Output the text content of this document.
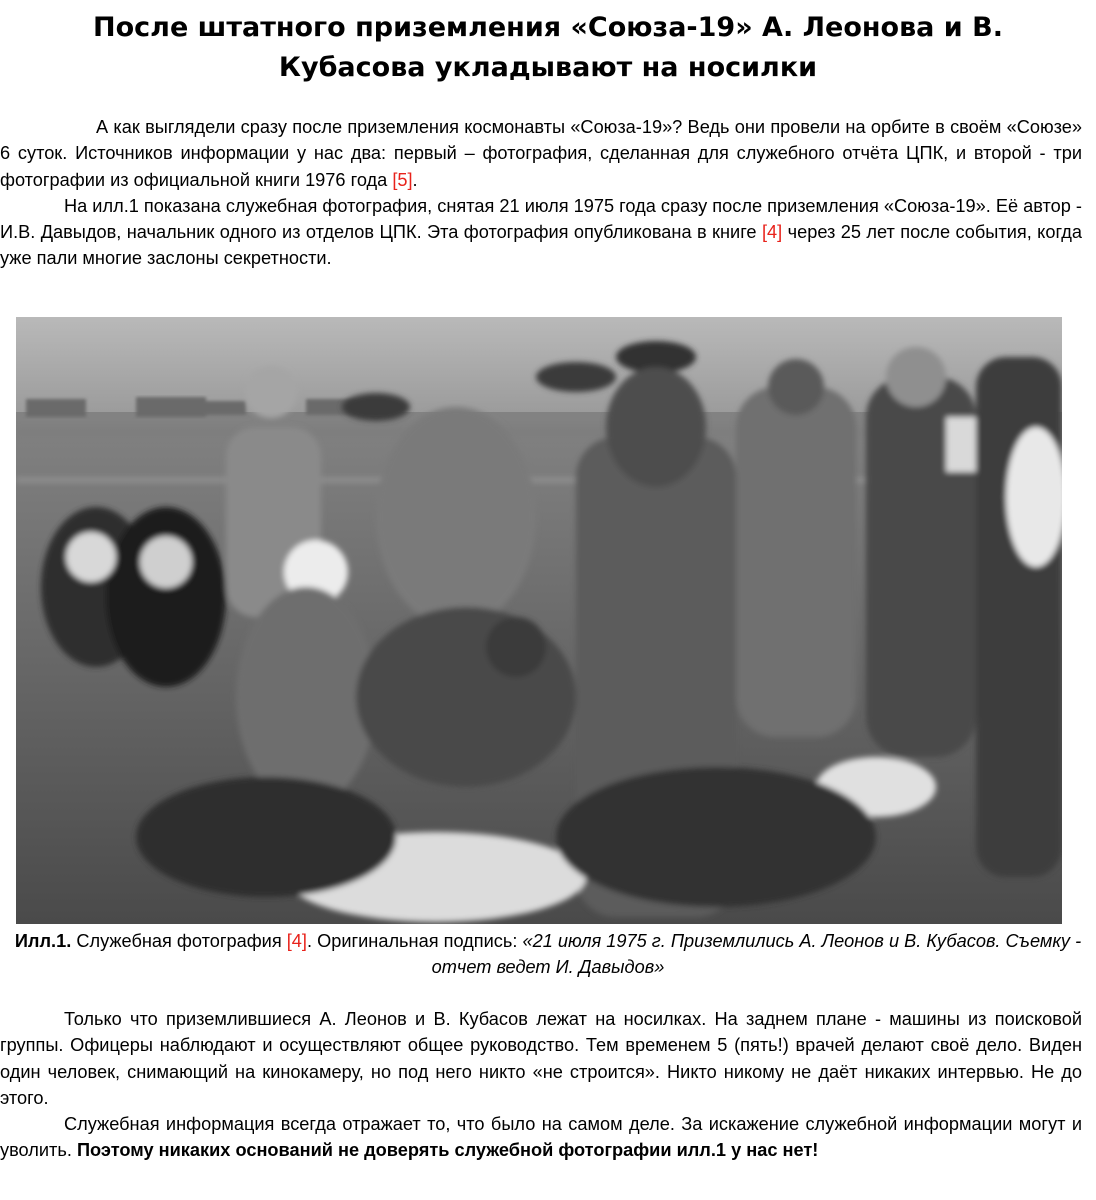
После штатного приземления «Союза-19» А. Леонова и В. Кубасова укладывают на носилки

А как выглядели сразу после приземления космонавты «Союза-19»? Ведь они провели на орбите в своём «Союзе» 6 суток. Источников информации у нас два: первый – фотография, сделанная для служебного отчёта ЦПК, и второй - три фотографии из официальной книги 1976 года [5].

На илл.1 показана служебная фотография, снятая 21 июля 1975 года сразу после приземления «Союза-19». Её автор - И.В. Давыдов, начальник одного из отделов ЦПК. Эта фотография опубликована в книге [4] через 25 лет после события, когда уже пали многие заслоны секретности.

Илл.1. Служебная фотография [4]. Оригинальная подпись: «21 июля 1975 г. Приземлились А. Леонов и В. Кубасов. Съемку - отчет ведет И. Давыдов»

Только что приземлившиеся А. Леонов и В. Кубасов лежат на носилках. На заднем плане - машины из поисковой группы. Офицеры наблюдают и осуществляют общее руководство. Тем временем 5 (пять!) врачей делают своё дело. Виден один человек, снимающий на кинокамеру, но под него никто «не строится». Никто никому не даёт никаких интервью. Не до этого.

Служебная информация всегда отражает то, что было на самом деле. За искажение служебной информации могут и уволить. Поэтому никаких оснований не доверять служебной фотографии илл.1 у нас нет!
